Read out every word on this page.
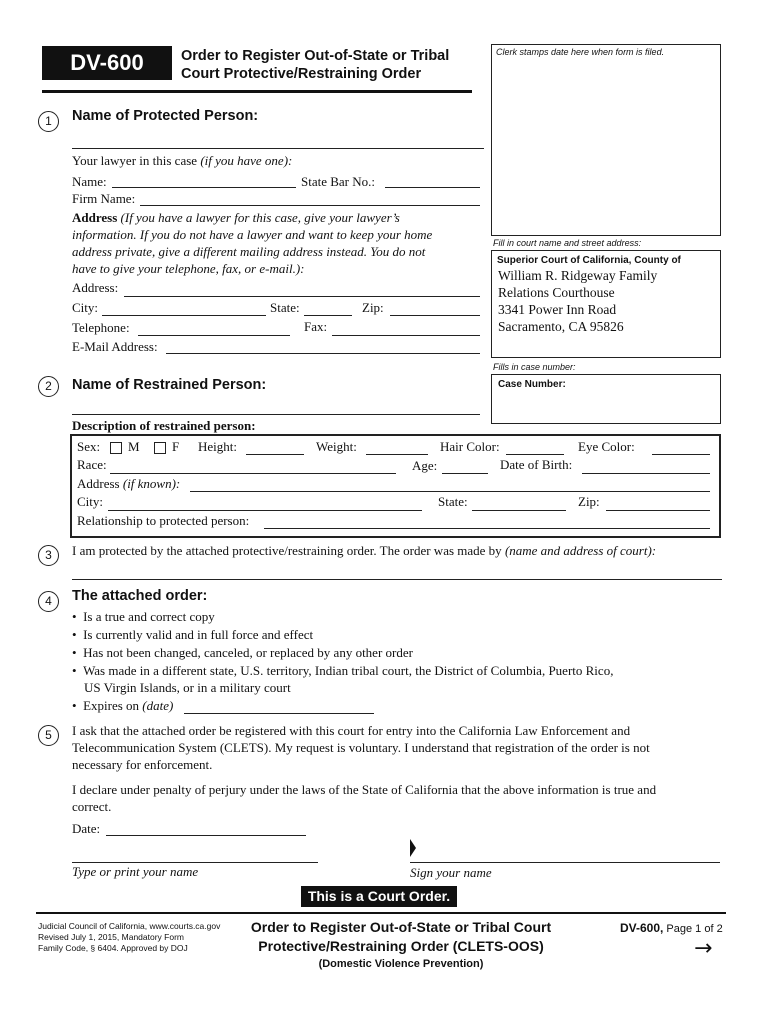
DV-600	Order to Register Out-of-State or Tribal
Court Protective/Restraining Order
Clerk stamps date here when form is filed.
Fill in court name and street address:
Superior Court of California, County of
William R. Ridgeway Family
Relations Courthouse
3341 Power Inn Road
Sacramento, CA 95826
Fills in case number:
Case Number:
1	Name of Protected Person:
Your lawyer in this case (if you have one):
Name:	State Bar No.:
Firm Name:
Address (If you have a lawyer for this case, give your lawyer’s
information. If you do not have a lawyer and want to keep your home
address private, give a different mailing address instead. You do not
have to give your telephone, fax, or e-mail.):
Address:
City:	State:	Zip:
Telephone:	Fax:
E-Mail Address:
2	Name of Restrained Person:
Description of restrained person:
Sex: M F Height:	Weight:	Hair Color:	Eye Color:
Race:	Age:	Date of Birth:
Address (if known):
City:	State:	Zip:
Relationship to protected person:
3	I am protected by the attached protective/restraining order. The order was made by (name and address of court):
4	The attached order:
•  Is a true and correct copy
•  Is currently valid and in full force and effect
•  Has not been changed, canceled, or replaced by any other order
•  Was made in a different state, U.S. territory, Indian tribal court, the District of Columbia, Puerto Rico,
US Virgin Islands, or in a military court
•  Expires on (date)
5	I ask that the attached order be registered with this court for entry into the California Law Enforcement and
Telecommunication System (CLETS). My request is voluntary. I understand that registration of the order is not
necessary for enforcement.
I declare under penalty of perjury under the laws of the State of California that the above information is true and
correct.
Date:
Type or print your name	Sign your name
This is a Court Order.
Judicial Council of California, www.courts.ca.gov
Revised July 1, 2015, Mandatory Form
Family Code, § 6404. Approved by DOJ
Order to Register Out-of-State or Tribal Court
Protective/Restraining Order (CLETS-OOS)
(Domestic Violence Prevention)
DV-600, Page 1 of 2
→
